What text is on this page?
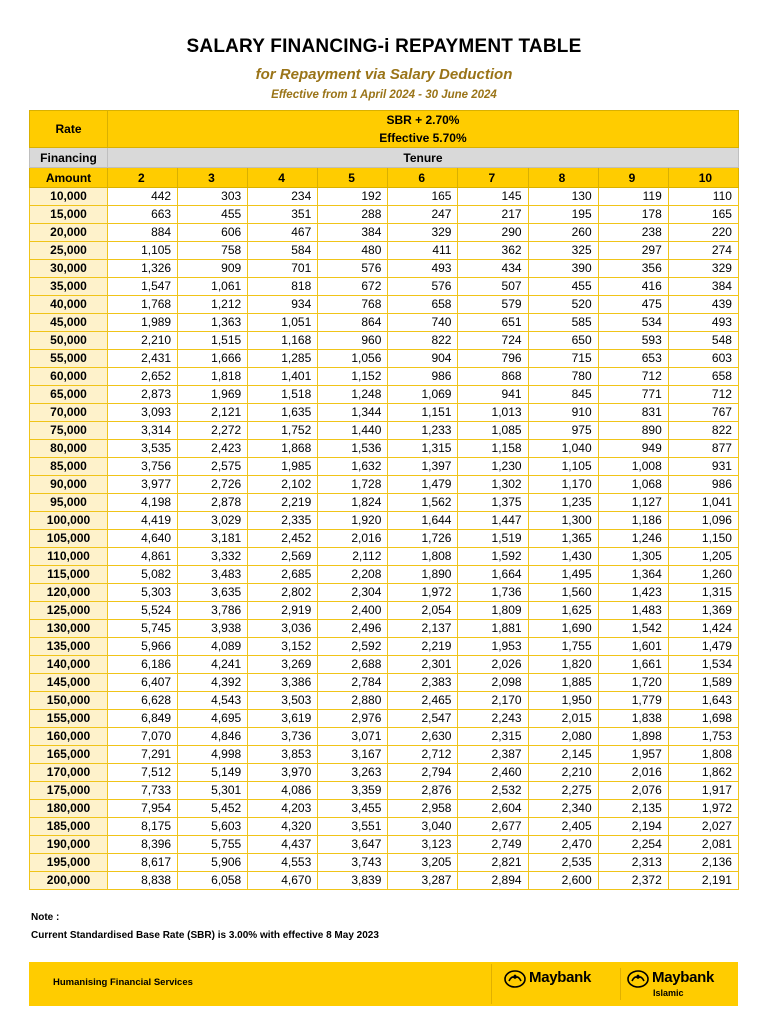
SALARY FINANCING-i REPAYMENT TABLE
for Repayment via Salary Deduction
Effective from 1 April 2024 - 30 June 2024
Rate	SBR + 2.70%
Effective 5.70%								

Financing	Tenure								
Amount	2	3	4	5	6	7	8	9	10
10,000	442	303	234	192	165	145	130	119	110
15,000	663	455	351	288	247	217	195	178	165
20,000	884	606	467	384	329	290	260	238	220
25,000	1,105	758	584	480	411	362	325	297	274
30,000	1,326	909	701	576	493	434	390	356	329
35,000	1,547	1,061	818	672	576	507	455	416	384
40,000	1,768	1,212	934	768	658	579	520	475	439
45,000	1,989	1,363	1,051	864	740	651	585	534	493
50,000	2,210	1,515	1,168	960	822	724	650	593	548
55,000	2,431	1,666	1,285	1,056	904	796	715	653	603
60,000	2,652	1,818	1,401	1,152	986	868	780	712	658
65,000	2,873	1,969	1,518	1,248	1,069	941	845	771	712
70,000	3,093	2,121	1,635	1,344	1,151	1,013	910	831	767
75,000	3,314	2,272	1,752	1,440	1,233	1,085	975	890	822
80,000	3,535	2,423	1,868	1,536	1,315	1,158	1,040	949	877
85,000	3,756	2,575	1,985	1,632	1,397	1,230	1,105	1,008	931
90,000	3,977	2,726	2,102	1,728	1,479	1,302	1,170	1,068	986
95,000	4,198	2,878	2,219	1,824	1,562	1,375	1,235	1,127	1,041
100,000	4,419	3,029	2,335	1,920	1,644	1,447	1,300	1,186	1,096
105,000	4,640	3,181	2,452	2,016	1,726	1,519	1,365	1,246	1,150
110,000	4,861	3,332	2,569	2,112	1,808	1,592	1,430	1,305	1,205
115,000	5,082	3,483	2,685	2,208	1,890	1,664	1,495	1,364	1,260
120,000	5,303	3,635	2,802	2,304	1,972	1,736	1,560	1,423	1,315
125,000	5,524	3,786	2,919	2,400	2,054	1,809	1,625	1,483	1,369
130,000	5,745	3,938	3,036	2,496	2,137	1,881	1,690	1,542	1,424
135,000	5,966	4,089	3,152	2,592	2,219	1,953	1,755	1,601	1,479
140,000	6,186	4,241	3,269	2,688	2,301	2,026	1,820	1,661	1,534
145,000	6,407	4,392	3,386	2,784	2,383	2,098	1,885	1,720	1,589
150,000	6,628	4,543	3,503	2,880	2,465	2,170	1,950	1,779	1,643
155,000	6,849	4,695	3,619	2,976	2,547	2,243	2,015	1,838	1,698
160,000	7,070	4,846	3,736	3,071	2,630	2,315	2,080	1,898	1,753
165,000	7,291	4,998	3,853	3,167	2,712	2,387	2,145	1,957	1,808
170,000	7,512	5,149	3,970	3,263	2,794	2,460	2,210	2,016	1,862
175,000	7,733	5,301	4,086	3,359	2,876	2,532	2,275	2,076	1,917
180,000	7,954	5,452	4,203	3,455	2,958	2,604	2,340	2,135	1,972
185,000	8,175	5,603	4,320	3,551	3,040	2,677	2,405	2,194	2,027
190,000	8,396	5,755	4,437	3,647	3,123	2,749	2,470	2,254	2,081
195,000	8,617	5,906	4,553	3,743	3,205	2,821	2,535	2,313	2,136
200,000	8,838	6,058	4,670	3,839	3,287	2,894	2,600	2,372	2,191
Note :
Current Standardised Base Rate (SBR) is 3.00% with effective 8 May 2023
Humanising Financial Services	Maybank	Maybank
Islamic
